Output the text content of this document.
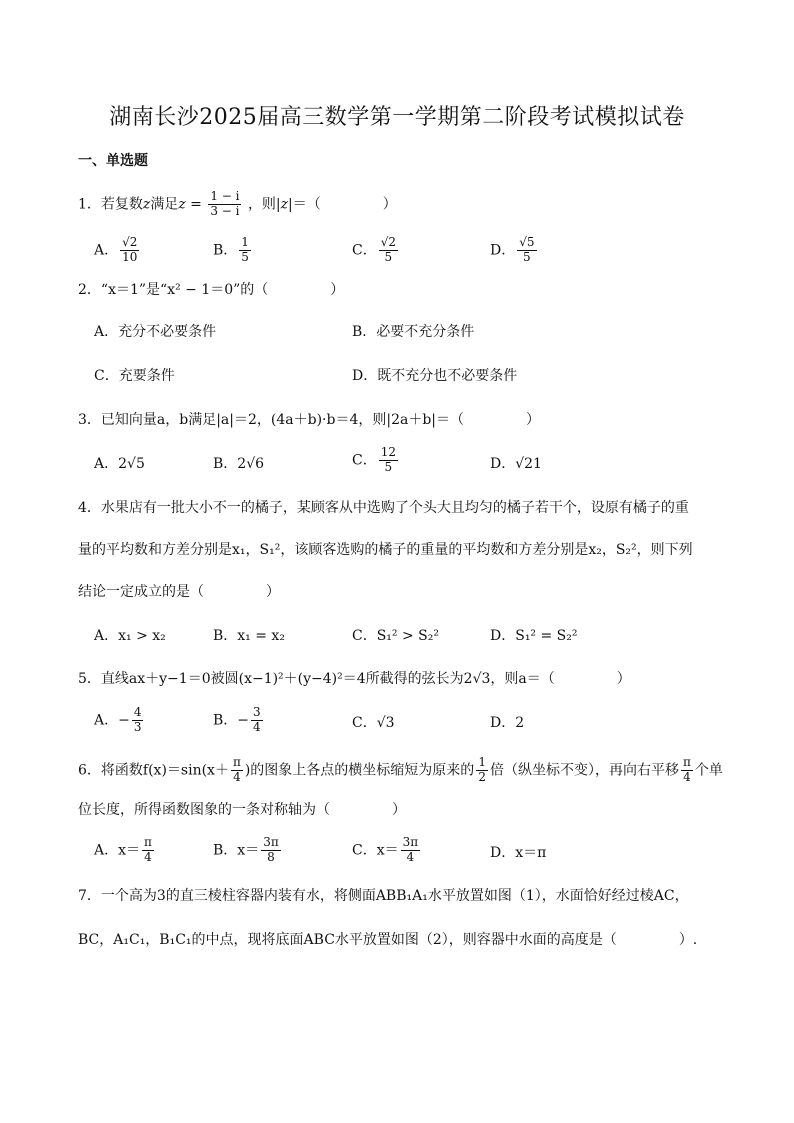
湖南长沙2025届高三数学第一学期第二阶段考试模拟试卷
一、单选题
1．若复数z满足$z = \frac{1 - i}{3 - i}$ ，则|z|＝（	）
A． $\frac{√2}{10}$	B． $\frac{1}{5}$	C． $\frac{√2}{5}$	D． $\frac{√5}{5}$
2．“x＝1”是“x² − 1＝0”的（	）
A．充分不必要条件	B．必要不充分条件
C．充要条件	D．既不充分也不必要条件
3．已知向量a，b满足|a|＝2，(4a＋b)·b＝4，则|2a＋b|＝（	）
A．2√5	B．2√6	C． $\frac{12}{5}$	D．√21
4．水果店有一批大小不一的橘子，某顾客从中选购了个头大且均匀的橘子若干个，设原有橘子的重
量的平均数和方差分别是x₁，S₁²，该顾客选购的橘子的重量的平均数和方差分别是x₂，S₂²，则下列
结论一定成立的是（	）
A．x₁ > x₂	B．x₁ = x₂	C．S₁² > S₂²	D．S₁² = S₂²
5．直线ax＋y−1＝0被圆(x−1)²＋(y−4)²＝4所截得的弦长为2√3，则a＝（	）
A．− $\frac{4}{3}$	B．− $\frac{3}{4}$	C．√3	D．2
6．将函数$f(x)=\sin(x+ \frac{\pi}{4}$ )的图象上各点的横坐标缩短为原来的 $\frac{1}{2}$ 倍（纵坐标不变），再向右平移 $\frac{\pi}{4}$ 个单
位长度，所得函数图象的一条对称轴为（	）
A．$x= \frac{\pi}{4}$	B．$x= \frac{3\pi}{8}$	C．$x= \frac{3\pi}{4}$	D．x＝π
7．一个高为3的直三棱柱容器内装有水，将侧面ABB₁A₁水平放置如图（1），水面恰好经过棱AC，
BC，A₁C₁，B₁C₁的中点，现将底面ABC水平放置如图（2），则容器中水面的高度是（	）.
